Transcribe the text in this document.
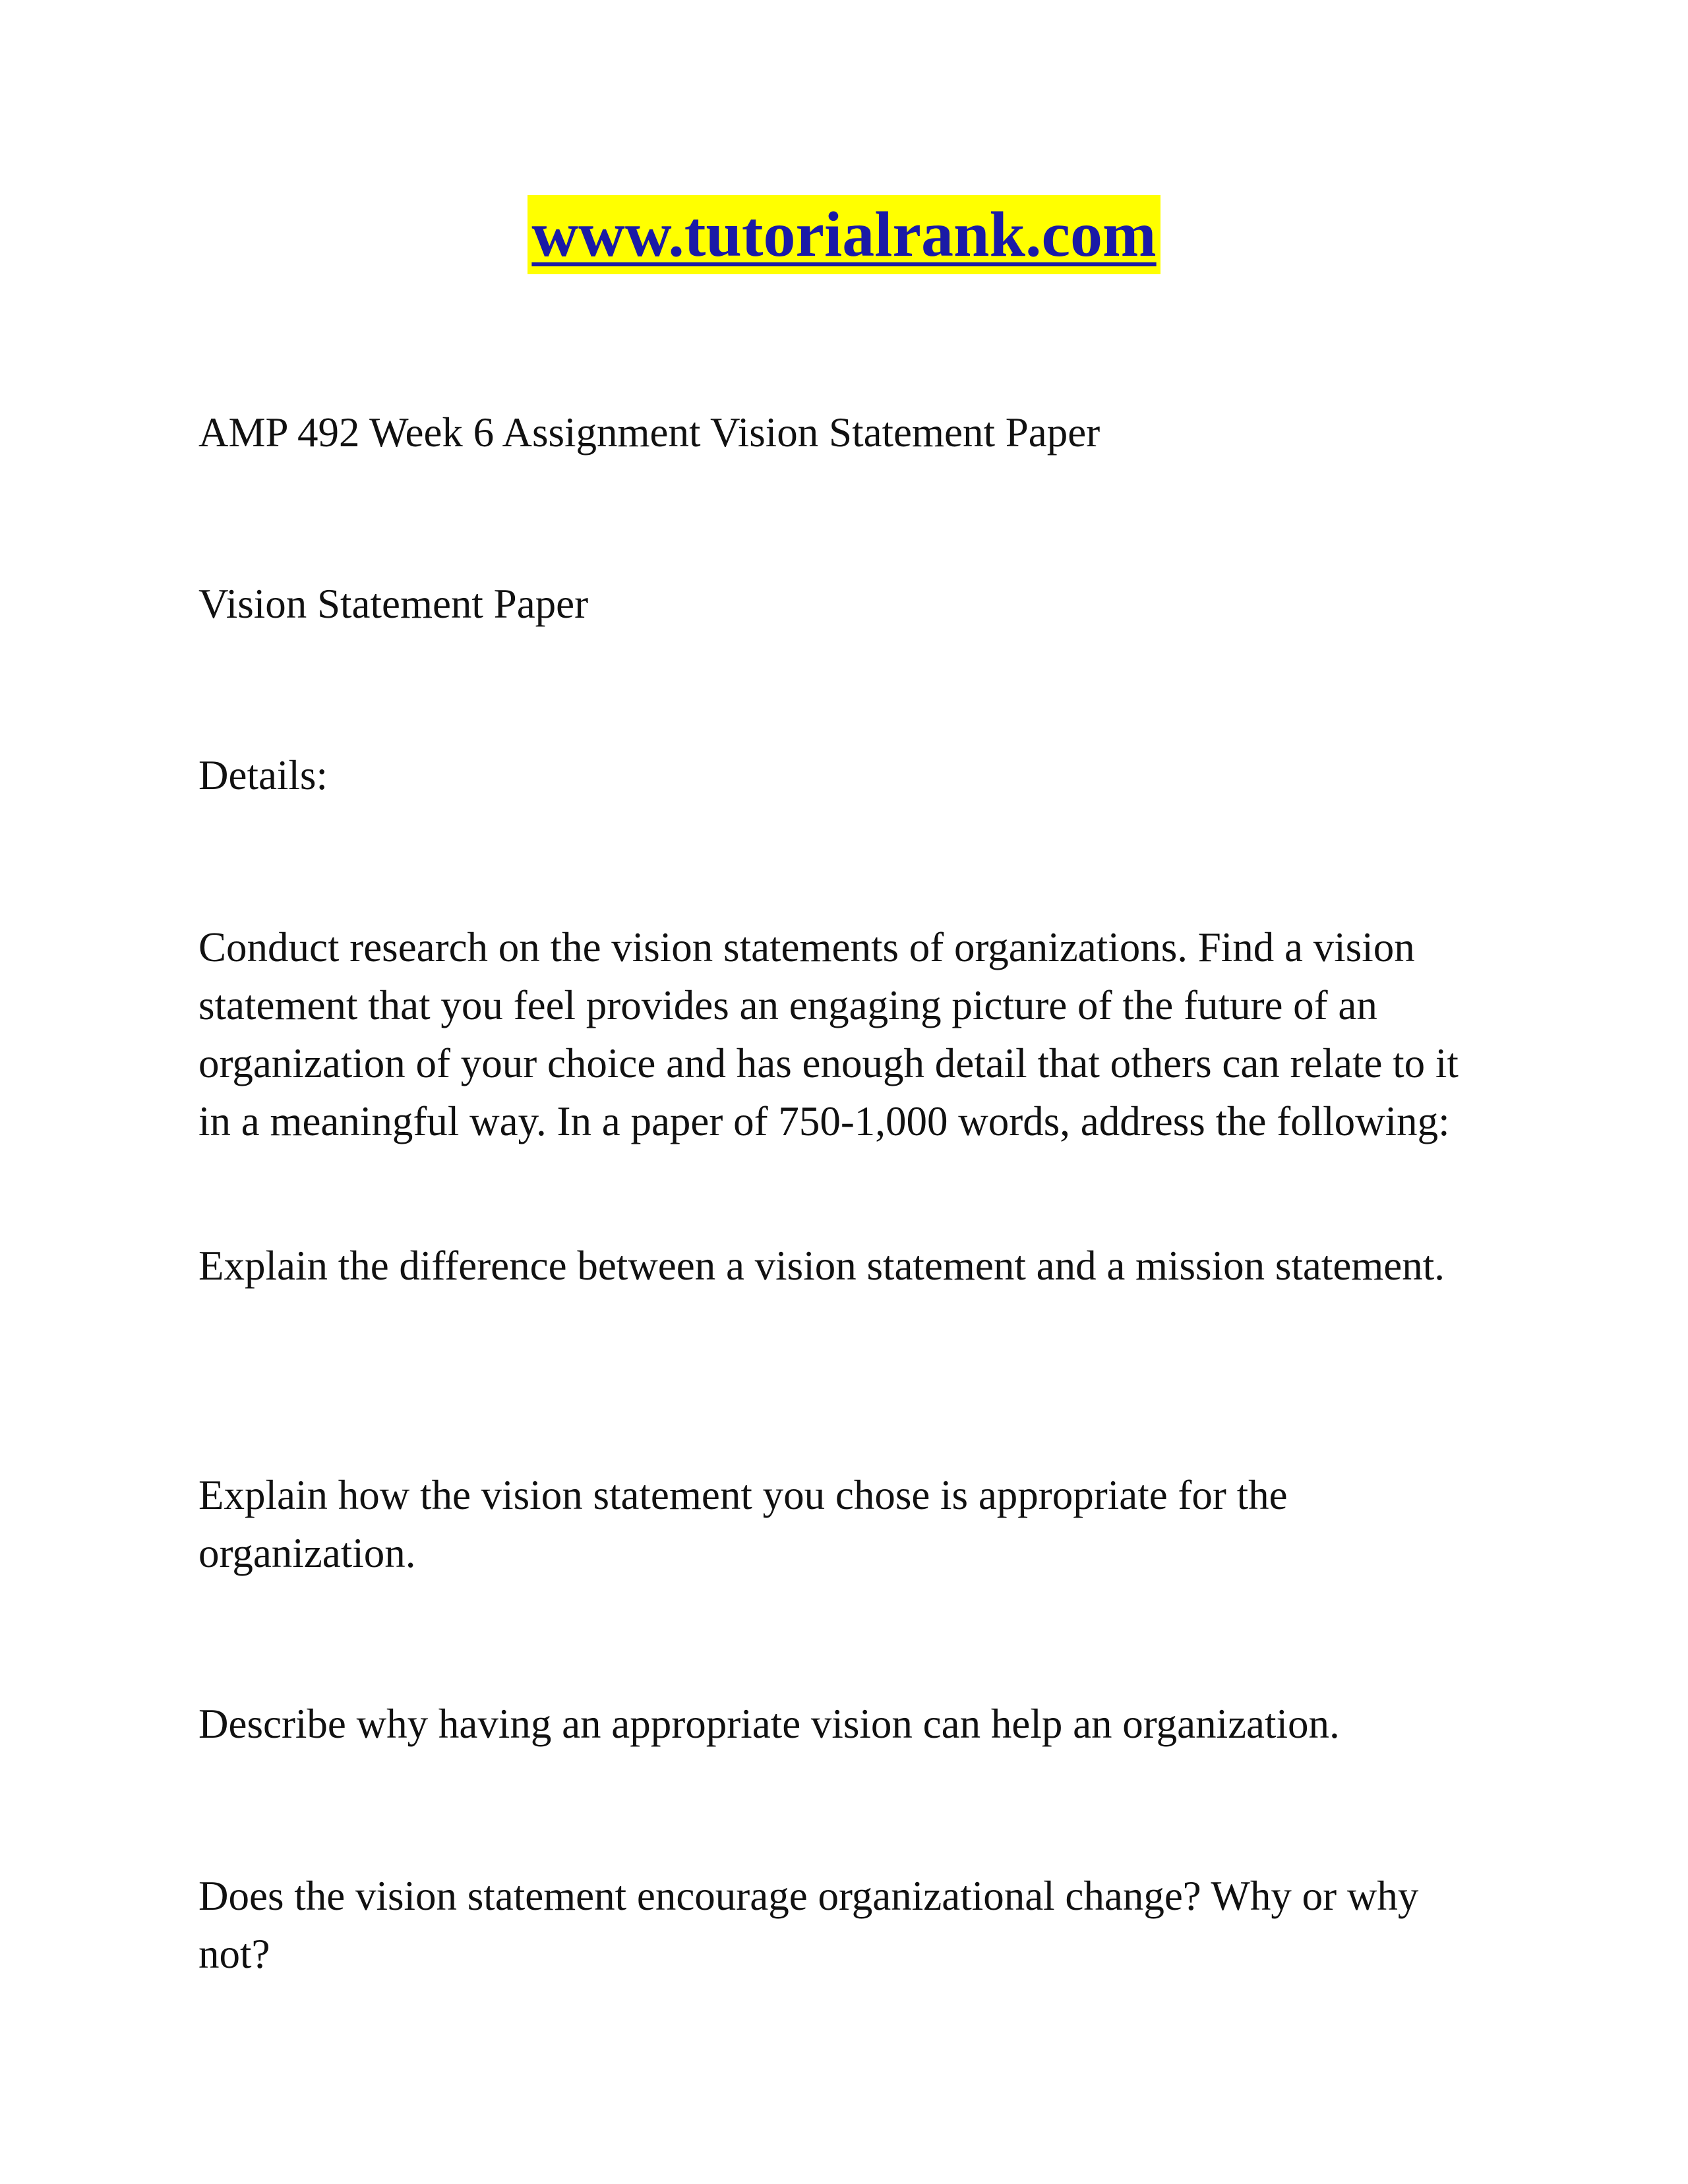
www.tutorialrank.com

AMP 492 Week 6 Assignment Vision Statement Paper

Vision Statement Paper

Details:

Conduct research on the vision statements of organizations. Find a vision statement that you feel provides an engaging picture of the future of an organization of your choice and has enough detail that others can relate to it in a meaningful way. In a paper of 750-1,000 words, address the following:

Explain the difference between a vision statement and a mission statement.

Explain how the vision statement you chose is appropriate for the organization.

Describe why having an appropriate vision can help an organization.

Does the vision statement encourage organizational change? Why or why not?
